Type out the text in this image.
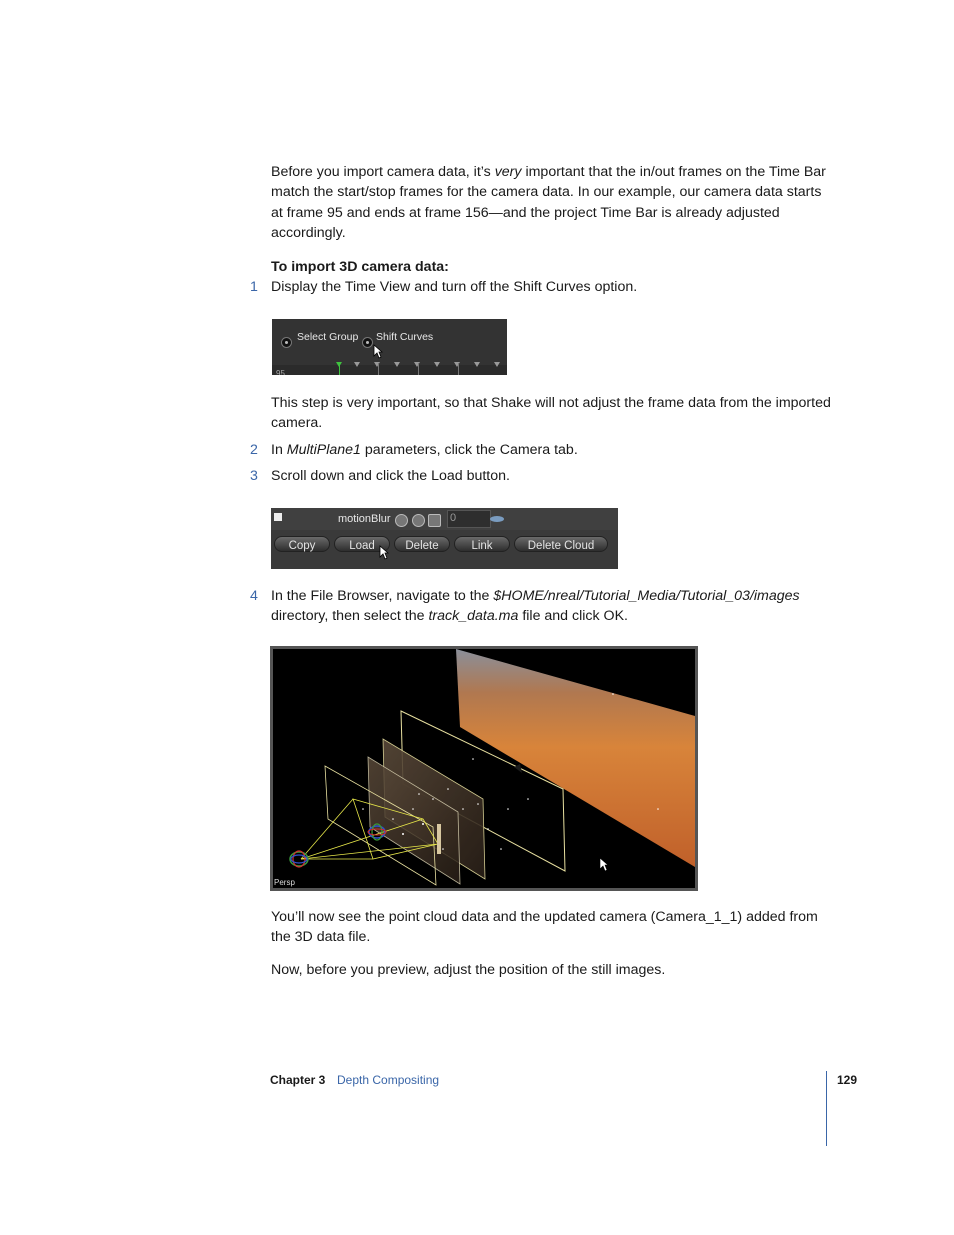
Before you import camera data, it’s very important that the in/out frames on the Time Bar match the start/stop frames for the camera data. In our example, our camera data starts at frame 95 and ends at frame 156—and the project Time Bar is already adjusted accordingly.

To import 3D camera data:

1 Display the Time View and turn off the Shift Curves option.

Select Group Shift Curves
95

This step is very important, so that Shake will not adjust the frame data from the imported camera.

2 In MultiPlane1 parameters, click the Camera tab.

3 Scroll down and click the Load button.

motionBlur	0
Copy	Load	Delete	Link	Delete Cloud
4 In the File Browser, navigate to the $HOME/nreal/Tutorial_Media/Tutorial_03/images directory, then select the track_data.ma file and click OK.

Persp

You’ll now see the point cloud data and the updated camera (Camera_1_1) added from the 3D data file.

Now, before you preview, adjust the position of the still images.

Chapter 3 Depth Compositing	129
